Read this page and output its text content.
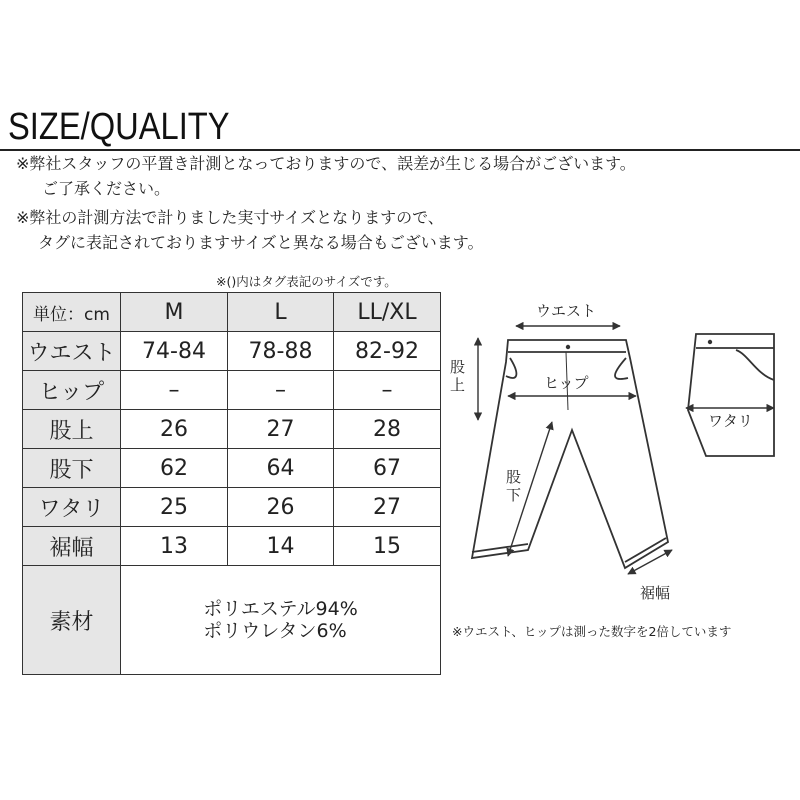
SIZE/QUALITY
※弊社スタッフの平置き計測となっておりますので、誤差が生じる場合がございます。
ご了承ください。
※弊社の計測方法で計りました実寸サイズとなりますので、
タグに表記されておりますサイズと異なる場合もございます。
※()内はタグ表記のサイズです。
単位：cm	M	L	LL/XL
ウエスト	74-84	78-88	82-92
ヒップ	–	–	–
股上	26	27	28
股下	62	64	67
ワタリ	25	26	27
裾幅	13	14	15
素材	ポリエステル94%
ポリウレタン6%		
ウエスト
股
上	ヒップ
股
下
裾幅
ワタリ
※ウエスト、ヒップは測った数字を2倍しています
